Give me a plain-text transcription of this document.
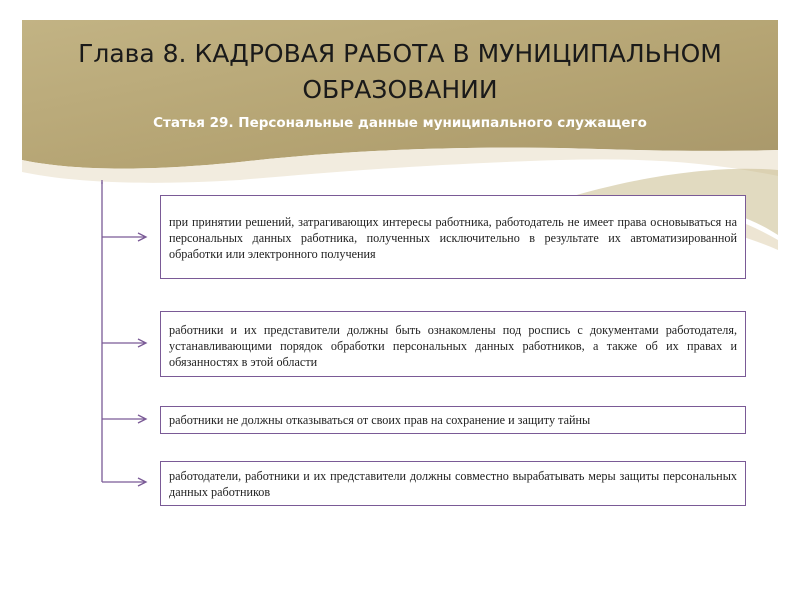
Глава 8. КАДРОВАЯ РАБОТА В МУНИЦИПАЛЬНОМ ОБРАЗОВАНИИ
Статья 29. Персональные данные муниципального служащего
при принятии решений, затрагивающих интересы работника, работодатель не имеет права основываться на персональных данных работника, полученных исключительно в результате их автоматизированной обработки или электронного получения
работники и их представители должны быть ознакомлены под роспись с документами работодателя, устанавливающими порядок обработки персональных данных работников, а также об их правах и обязанностях в этой области
работники не должны отказываться от своих прав на сохранение и защиту тайны
работодатели, работники и их представители должны совместно вырабатывать меры защиты персональных данных работников
